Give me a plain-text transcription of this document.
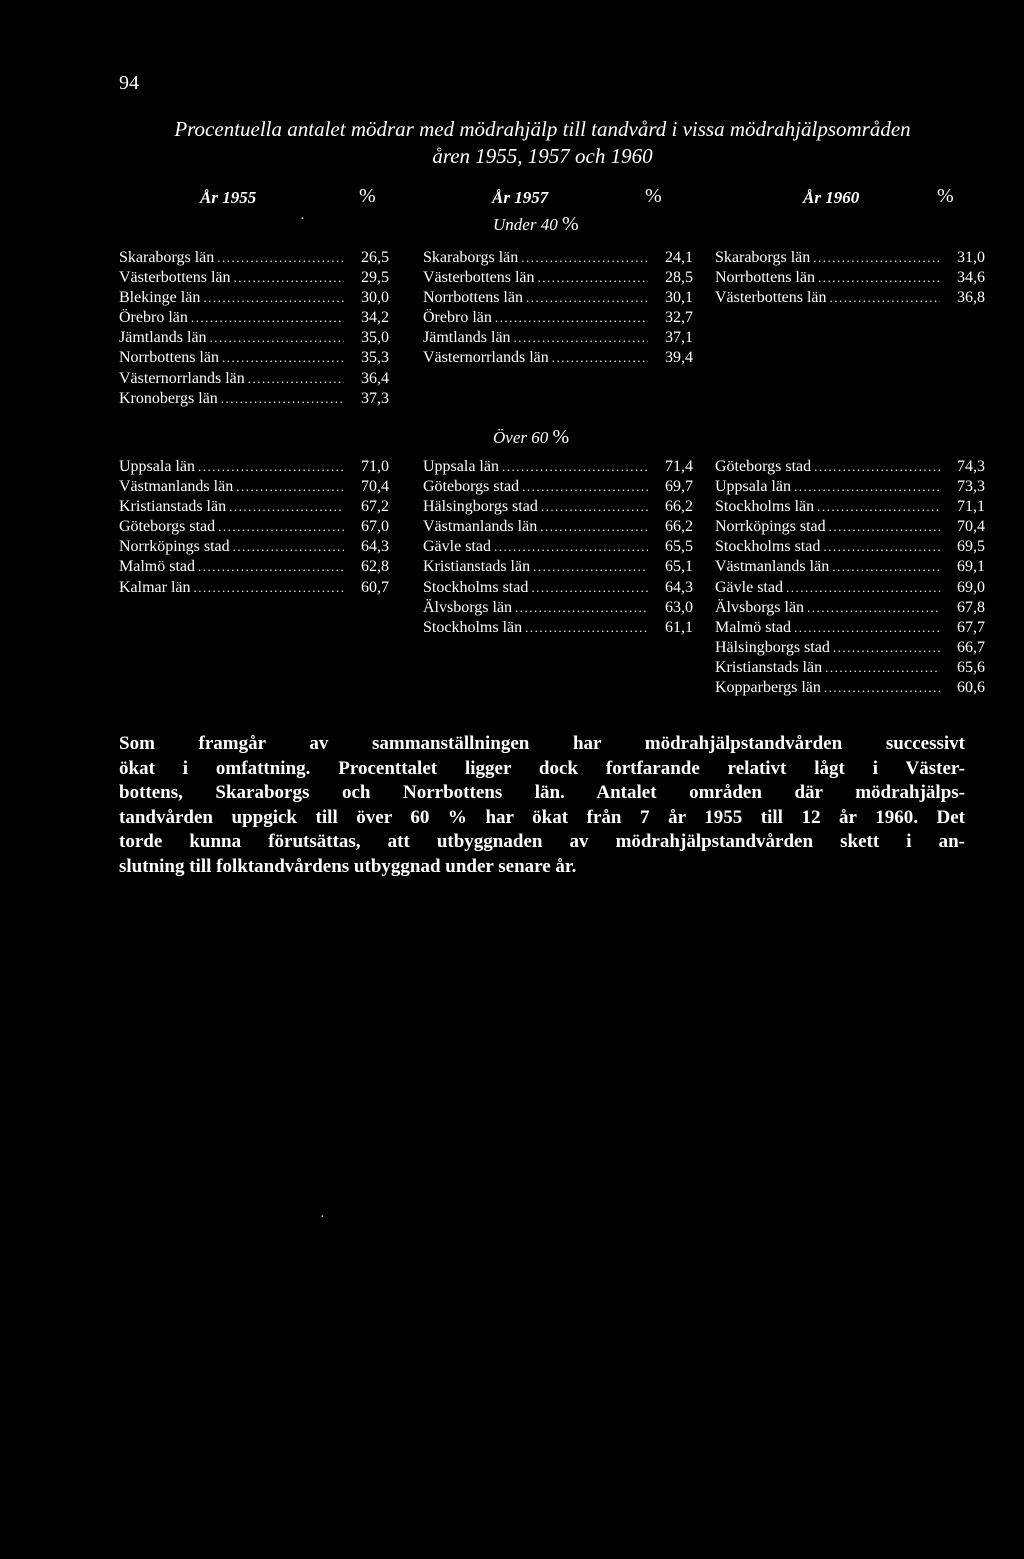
94
Procentuella antalet mödrar med mödrahjälp till tandvård i vissa mödrahjälpsområden
åren 1955, 1957 och 1960
År 1955	%	År 1957	%	År 1960	%
·	Under 40 %
Skaraborgs län .....	26,5
Västerbottens län .....	29,5
Blekinge län .....	30,0
Örebro län .....	34,2
Jämtlands län .....	35,0
Norrbottens län .....	35,3
Västernorrlands län .....	36,4
Kronobergs län .....	37,3
Skaraborgs län .....	24,1
Västerbottens län .....	28,5
Norrbottens län .....	30,1
Örebro län .....	32,7
Jämtlands län .....	37,1
Västernorrlands län .....	39,4
Skaraborgs län .....	31,0
Norrbottens län .....	34,6
Västerbottens län .....	36,8
Över 60 %
Uppsala län .....	71,0
Västmanlands län .....	70,4
Kristianstads län .....	67,2
Göteborgs stad .....	67,0
Norrköpings stad .....	64,3
Malmö stad .....	62,8
Kalmar län .....	60,7
Uppsala län .....	71,4
Göteborgs stad .....	69,7
Hälsingborgs stad .....	66,2
Västmanlands län .....	66,2
Gävle stad .....	65,5
Kristianstads län .....	65,1
Stockholms stad .....	64,3
Älvsborgs län .....	63,0
Stockholms län .....	61,1
Göteborgs stad .....	74,3
Uppsala län .....	73,3
Stockholms län .....	71,1
Norrköpings stad .....	70,4
Stockholms stad .....	69,5
Västmanlands län .....	69,1
Gävle stad .....	69,0
Älvsborgs län .....	67,8
Malmö stad .....	67,7
Hälsingborgs stad .....	66,7
Kristianstads län .....	65,6
Kopparbergs län .....	60,6
Som framgår av sammanställningen har mödrahjälpstandvården successivt
ökat i omfattning. Procenttalet ligger dock fortfarande relativt lågt i Väster-
bottens, Skaraborgs och Norrbottens län. Antalet områden där mödrahjälps-
tandvården uppgick till över 60 % har ökat från 7 år 1955 till 12 år 1960. Det
torde kunna förutsättas, att utbyggnaden av mödrahjälpstandvården skett i an-
slutning till folktandvårdens utbyggnad under senare år.
·
